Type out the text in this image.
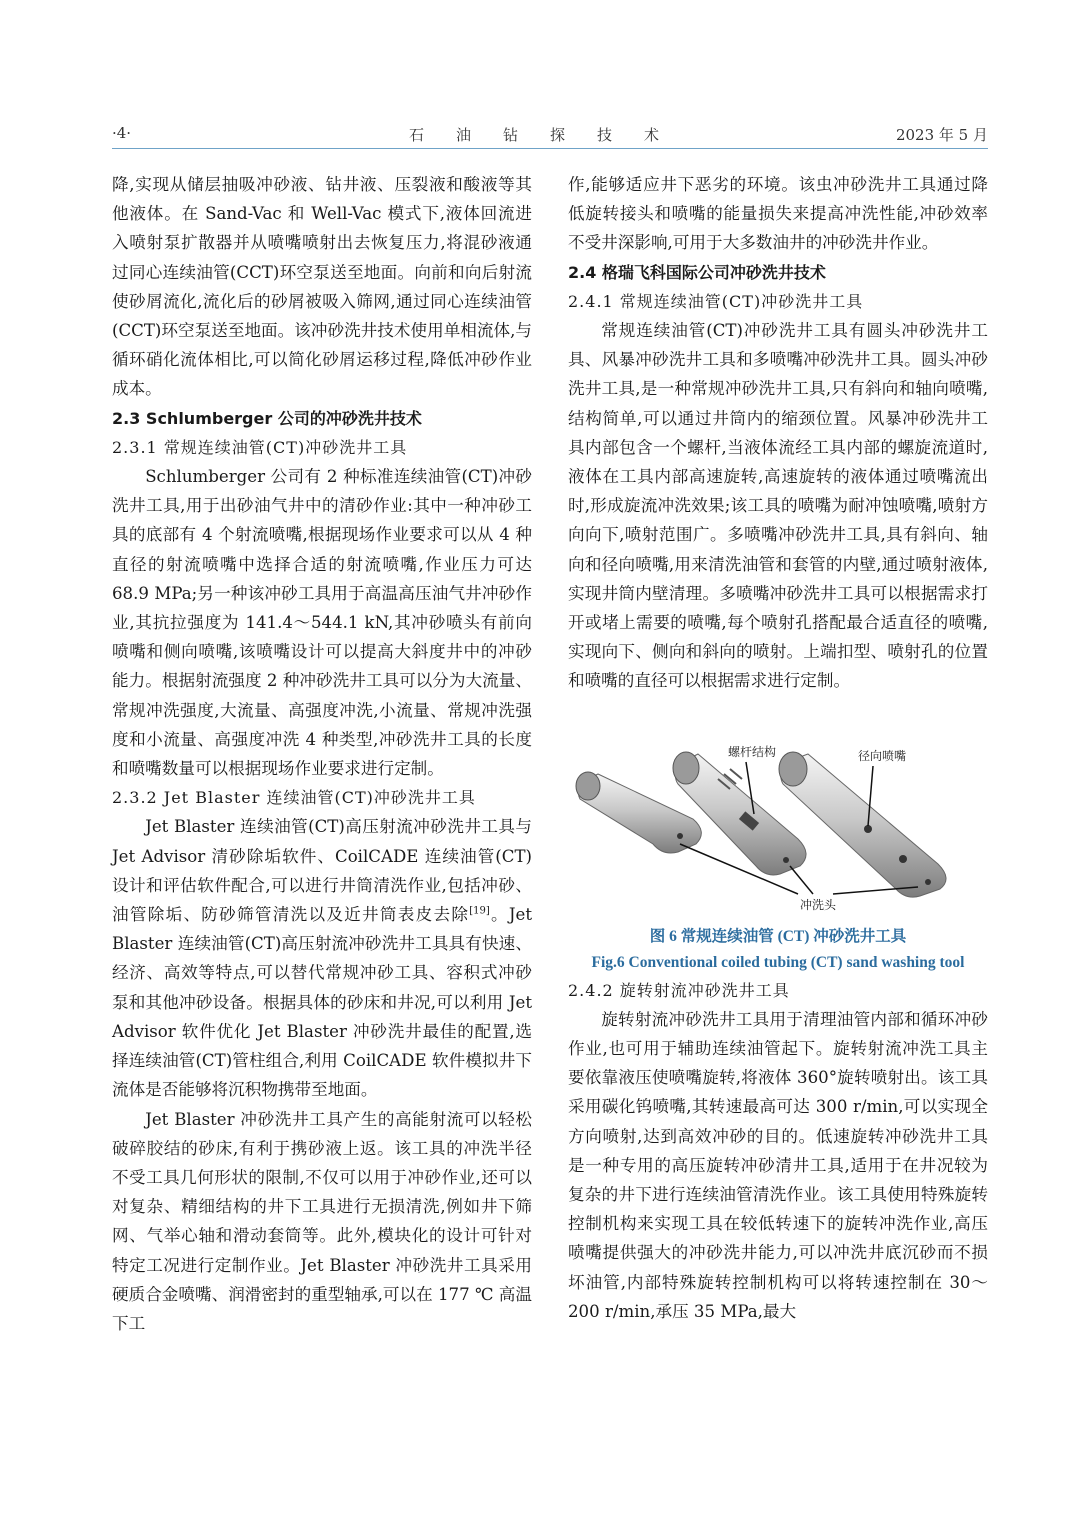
·4·	石油钻探技术	2023 年 5 月

降,实现从储层抽吸冲砂液、钻井液、压裂液和酸液等其他液体。在 Sand-Vac 和 Well-Vac 模式下,液体回流进入喷射泵扩散器并从喷嘴喷射出去恢复压力,将混砂液通过同心连续油管(CCT)环空泵送至地面。向前和向后射流使砂屑流化,流化后的砂屑被吸入筛网,通过同心连续油管(CCT)环空泵送至地面。该冲砂洗井技术使用单相流体,与循环硝化流体相比,可以简化砂屑运移过程,降低冲砂作业成本。

2.3 Schlumberger 公司的冲砂洗井技术

2.3.1 常规连续油管(CT)冲砂洗井工具

Schlumberger 公司有 2 种标准连续油管(CT)冲砂洗井工具,用于出砂油气井中的清砂作业:其中一种冲砂工具的底部有 4 个射流喷嘴,根据现场作业要求可以从 4 种直径的射流喷嘴中选择合适的射流喷嘴,作业压力可达 68.9 MPa;另一种该冲砂工具用于高温高压油气井冲砂作业,其抗拉强度为 141.4～544.1 kN,其冲砂喷头有前向喷嘴和侧向喷嘴,该喷嘴设计可以提高大斜度井中的冲砂能力。根据射流强度 2 种冲砂洗井工具可以分为大流量、常规冲洗强度,大流量、高强度冲洗,小流量、常规冲洗强度和小流量、高强度冲洗 4 种类型,冲砂洗井工具的长度和喷嘴数量可以根据现场作业要求进行定制。

2.3.2 Jet Blaster 连续油管(CT)冲砂洗井工具

Jet Blaster 连续油管(CT)高压射流冲砂洗井工具与 Jet Advisor 清砂除垢软件、CoilCADE 连续油管(CT)设计和评估软件配合,可以进行井筒清洗作业,包括冲砂、油管除垢、防砂筛管清洗以及近井筒表皮去除[19]。Jet Blaster 连续油管(CT)高压射流冲砂洗井工具具有快速、经济、高效等特点,可以替代常规冲砂工具、容积式冲砂泵和其他冲砂设备。根据具体的砂床和井况,可以利用 Jet Advisor 软件优化 Jet Blaster 冲砂洗井最佳的配置,选择连续油管(CT)管柱组合,利用 CoilCADE 软件模拟井下流体是否能够将沉积物携带至地面。

Jet Blaster 冲砂洗井工具产生的高能射流可以轻松破碎胶结的砂床,有利于携砂液上返。该工具的冲洗半径不受工具几何形状的限制,不仅可以用于冲砂作业,还可以对复杂、精细结构的井下工具进行无损清洗,例如井下筛网、气举心轴和滑动套筒等。此外,模块化的设计可针对特定工况进行定制作业。Jet Blaster 冲砂洗井工具采用硬质合金喷嘴、润滑密封的重型轴承,可以在 177 ℃ 高温下工

作,能够适应井下恶劣的环境。该虫冲砂洗井工具通过降低旋转接头和喷嘴的能量损失来提高冲洗性能,冲砂效率不受井深影响,可用于大多数油井的冲砂洗井作业。

2.4 格瑞飞科国际公司冲砂洗井技术

2.4.1 常规连续油管(CT)冲砂洗井工具

常规连续油管(CT)冲砂洗井工具有圆头冲砂洗井工具、风暴冲砂洗井工具和多喷嘴冲砂洗井工具。圆头冲砂洗井工具,是一种常规冲砂洗井工具,只有斜向和轴向喷嘴,结构简单,可以通过井筒内的缩颈位置。风暴冲砂洗井工具内部包含一个螺杆,当液体流经工具内部的螺旋流道时,液体在工具内部高速旋转,高速旋转的液体通过喷嘴流出时,形成旋流冲洗效果;该工具的喷嘴为耐冲蚀喷嘴,喷射方向向下,喷射范围广。多喷嘴冲砂洗井工具,具有斜向、轴向和径向喷嘴,用来清洗油管和套管的内壁,通过喷射液体,实现井筒内壁清理。多喷嘴冲砂洗井工具可以根据需求打开或堵上需要的喷嘴,每个喷射孔搭配最合适直径的喷嘴,实现向下、侧向和斜向的喷射。上端扣型、喷射孔的位置和喷嘴的直径可以根据需求进行定制。

螺杆结构	径向喷嘴
冲洗头

图 6 常规连续油管 (CT) 冲砂洗井工具

Fig.6 Conventional coiled tubing (CT) sand washing tool

2.4.2 旋转射流冲砂洗井工具

旋转射流冲砂洗井工具用于清理油管内部和循环冲砂作业,也可用于辅助连续油管起下。旋转射流冲洗工具主要依靠液压使喷嘴旋转,将液体 360°旋转喷射出。该工具采用碳化钨喷嘴,其转速最高可达 300 r/min,可以实现全方向喷射,达到高效冲砂的目的。低速旋转冲砂洗井工具是一种专用的高压旋转冲砂清井工具,适用于在井况较为复杂的井下进行连续油管清洗作业。该工具使用特殊旋转控制机构来实现工具在较低转速下的旋转冲洗作业,高压喷嘴提供强大的冲砂洗井能力,可以冲洗井底沉砂而不损坏油管,内部特殊旋转控制机构可以将转速控制在 30～200 r/min,承压 35 MPa,最大
